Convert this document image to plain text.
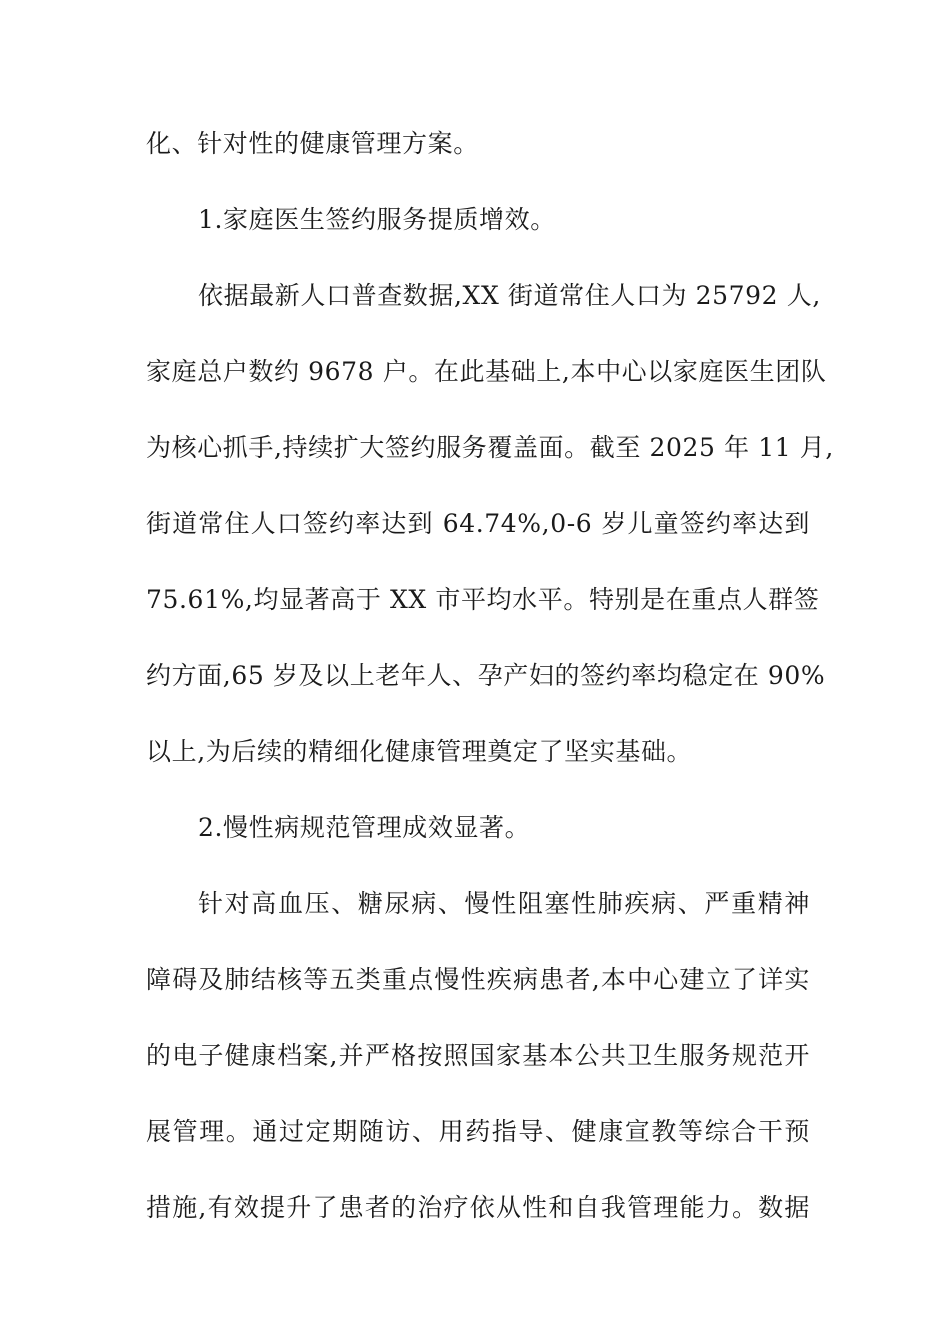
化、针对性的健康管理方案。
1.家庭医生签约服务提质增效。
依据最新人口普查数据,XX 街道常住人口为 25792 人,
家庭总户数约 9678 户。在此基础上,本中心以家庭医生团队
为核心抓手,持续扩大签约服务覆盖面。截至 2025 年 11 月,
街道常住人口签约率达到 64.74%,0-6 岁儿童签约率达到
75.61%,均显著高于 XX 市平均水平。特别是在重点人群签
约方面,65 岁及以上老年人、孕产妇的签约率均稳定在 90%
以上,为后续的精细化健康管理奠定了坚实基础。
2.慢性病规范管理成效显著。
针对高血压、糖尿病、慢性阻塞性肺疾病、严重精神
障碍及肺结核等五类重点慢性疾病患者,本中心建立了详实
的电子健康档案,并严格按照国家基本公共卫生服务规范开
展管理。通过定期随访、用药指导、健康宣教等综合干预
措施,有效提升了患者的治疗依从性和自我管理能力。数据
